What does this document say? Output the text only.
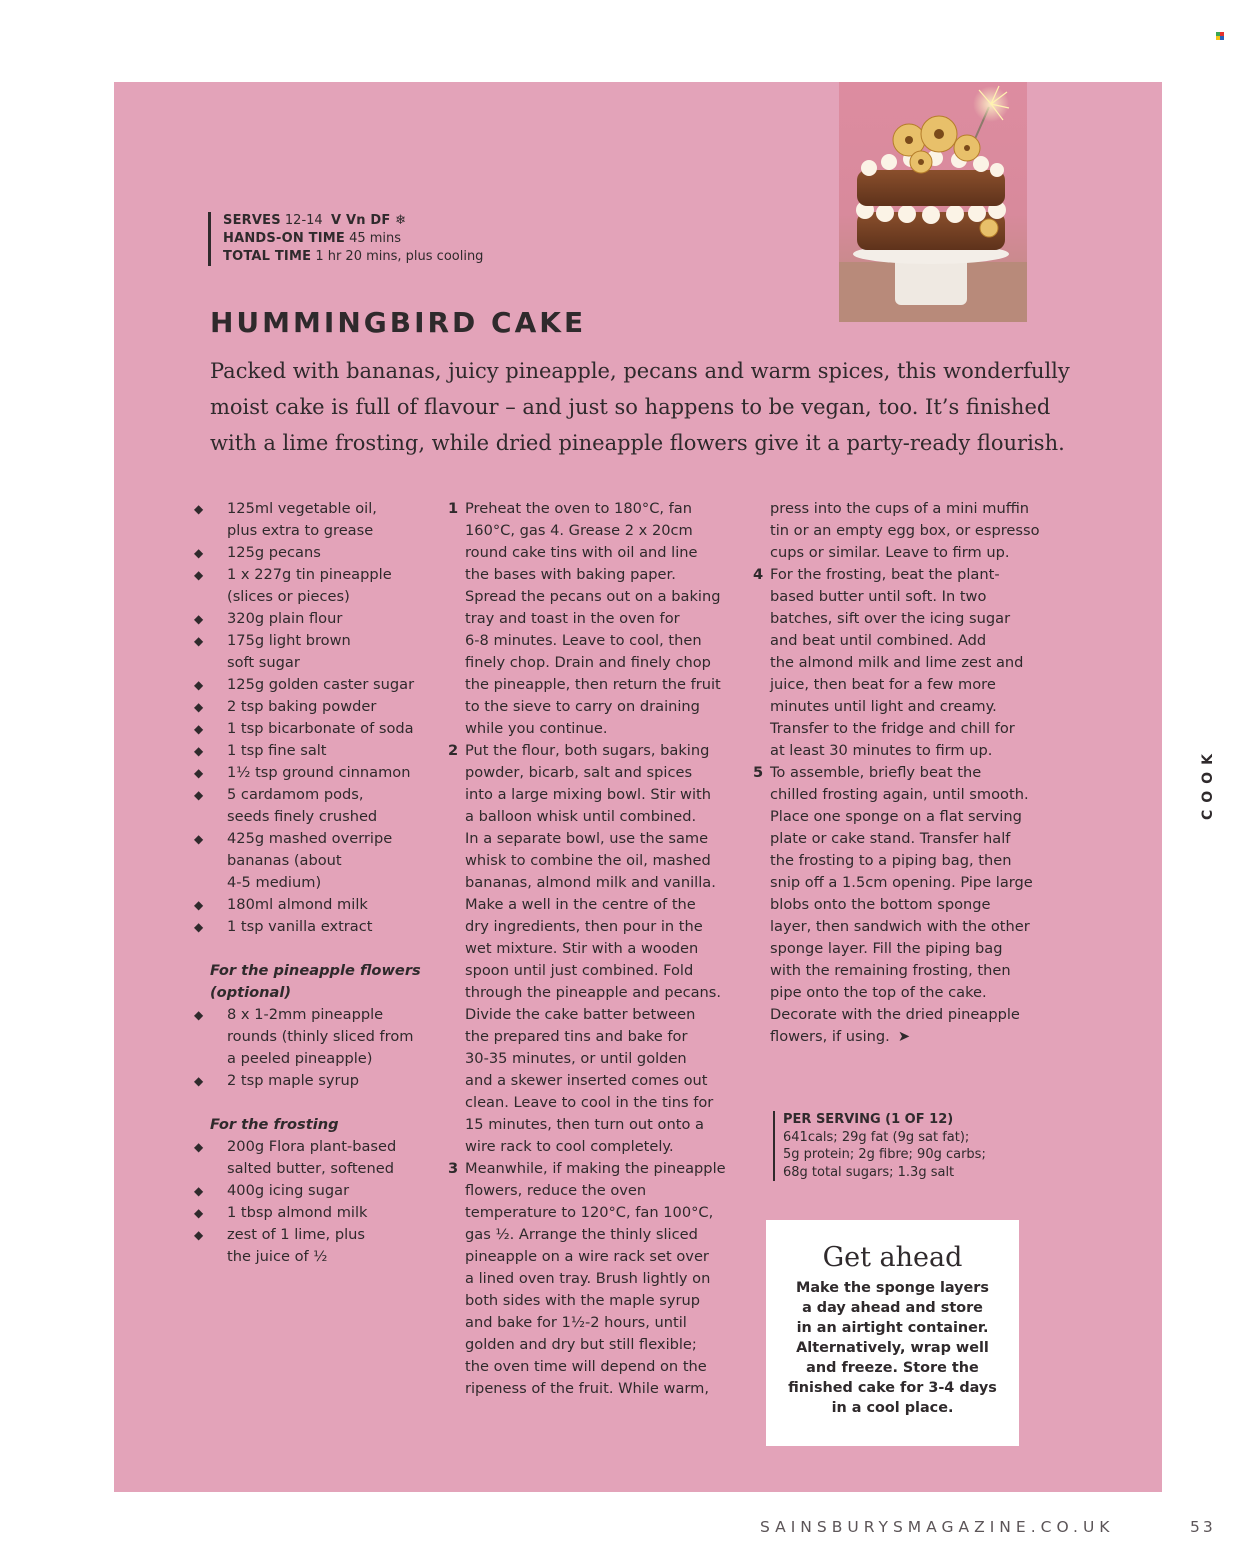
SERVES 12-14 V Vn DF ❄
HANDS-ON TIME 45 mins
TOTAL TIME 1 hr 20 mins, plus cooling
HUMMINGBIRD CAKE
Packed with bananas, juicy pineapple, pecans and warm spices, this wonderfully
moist cake is full of flavour – and just so happens to be vegan, too. It’s finished
with a lime frosting, while dried pineapple flowers give it a party-ready flourish.
◆ 125ml vegetable oil,
plus extra to grease
◆ 125g pecans
◆ 1 x 227g tin pineapple
(slices or pieces)
◆ 320g plain flour
◆ 175g light brown
soft sugar
◆ 125g golden caster sugar
◆ 2 tsp baking powder
◆ 1 tsp bicarbonate of soda
◆ 1 tsp fine salt
◆ 1½ tsp ground cinnamon
◆ 5 cardamom pods,
seeds finely crushed
◆ 425g mashed overripe
bananas (about
4-5 medium)
◆ 180ml almond milk
◆ 1 tsp vanilla extract
For the pineapple flowers
(optional)
◆ 8 x 1-2mm pineapple
rounds (thinly sliced from
a peeled pineapple)
◆ 2 tsp maple syrup
For the frosting
◆ 200g Flora plant-based
salted butter, softened
◆ 400g icing sugar
◆ 1 tbsp almond milk
◆ zest of 1 lime, plus
the juice of ½
1 Preheat the oven to 180°C, fan
160°C, gas 4. Grease 2 x 20cm
round cake tins with oil and line
the bases with baking paper.
Spread the pecans out on a baking
tray and toast in the oven for
6-8 minutes. Leave to cool, then
finely chop. Drain and finely chop
the pineapple, then return the fruit
to the sieve to carry on draining
while you continue.
2 Put the flour, both sugars, baking
powder, bicarb, salt and spices
into a large mixing bowl. Stir with
a balloon whisk until combined.
In a separate bowl, use the same
whisk to combine the oil, mashed
bananas, almond milk and vanilla.
Make a well in the centre of the
dry ingredients, then pour in the
wet mixture. Stir with a wooden
spoon until just combined. Fold
through the pineapple and pecans.
Divide the cake batter between
the prepared tins and bake for
30-35 minutes, or until golden
and a skewer inserted comes out
clean. Leave to cool in the tins for
15 minutes, then turn out onto a
wire rack to cool completely.
3 Meanwhile, if making the pineapple
flowers, reduce the oven
temperature to 120°C, fan 100°C,
gas ½. Arrange the thinly sliced
pineapple on a wire rack set over
a lined oven tray. Brush lightly on
both sides with the maple syrup
and bake for 1½-2 hours, until
golden and dry but still flexible;
the oven time will depend on the
ripeness of the fruit. While warm,
press into the cups of a mini muffin
tin or an empty egg box, or espresso
cups or similar. Leave to firm up.
4 For the frosting, beat the plant-
based butter until soft. In two
batches, sift over the icing sugar
and beat until combined. Add
the almond milk and lime zest and
juice, then beat for a few more
minutes until light and creamy.
Transfer to the fridge and chill for
at least 30 minutes to firm up.
5 To assemble, briefly beat the
chilled frosting again, until smooth.
Place one sponge on a flat serving
plate or cake stand. Transfer half
the frosting to a piping bag, then
snip off a 1.5cm opening. Pipe large
blobs onto the bottom sponge
layer, then sandwich with the other
sponge layer. Fill the piping bag
with the remaining frosting, then
pipe onto the top of the cake.
Decorate with the dried pineapple
flowers, if using. ➤
PER SERVING (1 OF 12)
641cals; 29g fat (9g sat fat);
5g protein; 2g fibre; 90g carbs;
68g total sugars; 1.3g salt
Get ahead
Make the sponge layers
a day ahead and store
in an airtight container.
Alternatively, wrap well
and freeze. Store the
finished cake for 3-4 days
in a cool place.
COOK
SAINSBURYSMAGAZINE.CO.UK	53
